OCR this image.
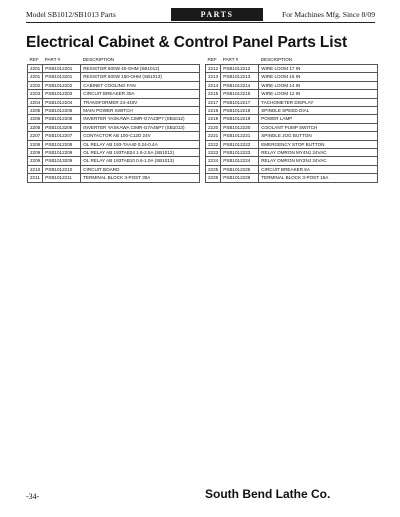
Model SB1012/SB1013 Parts	PARTS	For Machines Mfg. Since 8/09
Electrical Cabinet & Control Panel Parts List
REF	PART #	DESCRIPTION
2201	PSB1012201	RESISTOR 600W 40-OHM (SB1012)
2201	PSB1013201	RESISTOR 600W 150-OHM (SB1013)
2202	PSB1012202	CABINET COOLING FAN
2203	PSB1012203	CIRCUIT BREAKER 30A
2204	PSB1012204	TRANSFORMER 24-440V
2205	PSB1012205	MAIN POWER SWITCH
2206	PSB1012206	INVERTER YASKAWA CIMR-G7A23P7 (SB1012)
2206	PSB1013206	INVERTER YASKAWA CIMR-G7A45P7 (SB1013)
2207	PSB1012207	CONTACTOR AB 100-C12D 24V
2208	PSB1012208	OL RELAY AB 193-TAA40 0.24-0.4A
2209	PSB1012209	OL RELAY AB 193TAB24 1.6-2.5A (SB1012)
2209	PSB1013209	OL RELAY AB 193TAB10 0.6-1.0A (SB1013)
2210	PSB1012210	CIRCUIT BOARD
2211	PSB1012211	TERMINAL BLOCK 3-POST 30A
REF	PART #	DESCRIPTION
2212	PSB1012212	WIRE LOOM 17 IN
2213	PSB1012213	WIRE LOOM 16 IN
2214	PSB1012214	WIRE LOOM 14 IN
2215	PSB1012215	WIRE LOOM 12 IN
2217	PSB1012217	TACHOMETER DISPLAY
2218	PSB1012218	SPINDLE SPEED DIAL
2219	PSB1012219	POWER LAMP
2220	PSB1012220	COOLANT PUMP SWITCH
2221	PSB1012221	SPINDLE JOG BUTTON
2222	PSB1012222	EMERGENCY STOP BUTTON
2223	PSB1012223	RELAY OMRON MY4NJ 24VAC
2224	PSB1012224	RELAY OMRON MY2NJ 24VAC
2225	PSB1012225	CIRCUIT BREAKER 6A
2226	PSB1012226	TERMINAL BLOCK 3-POST 15A
-34-	South Bend Lathe Co.
